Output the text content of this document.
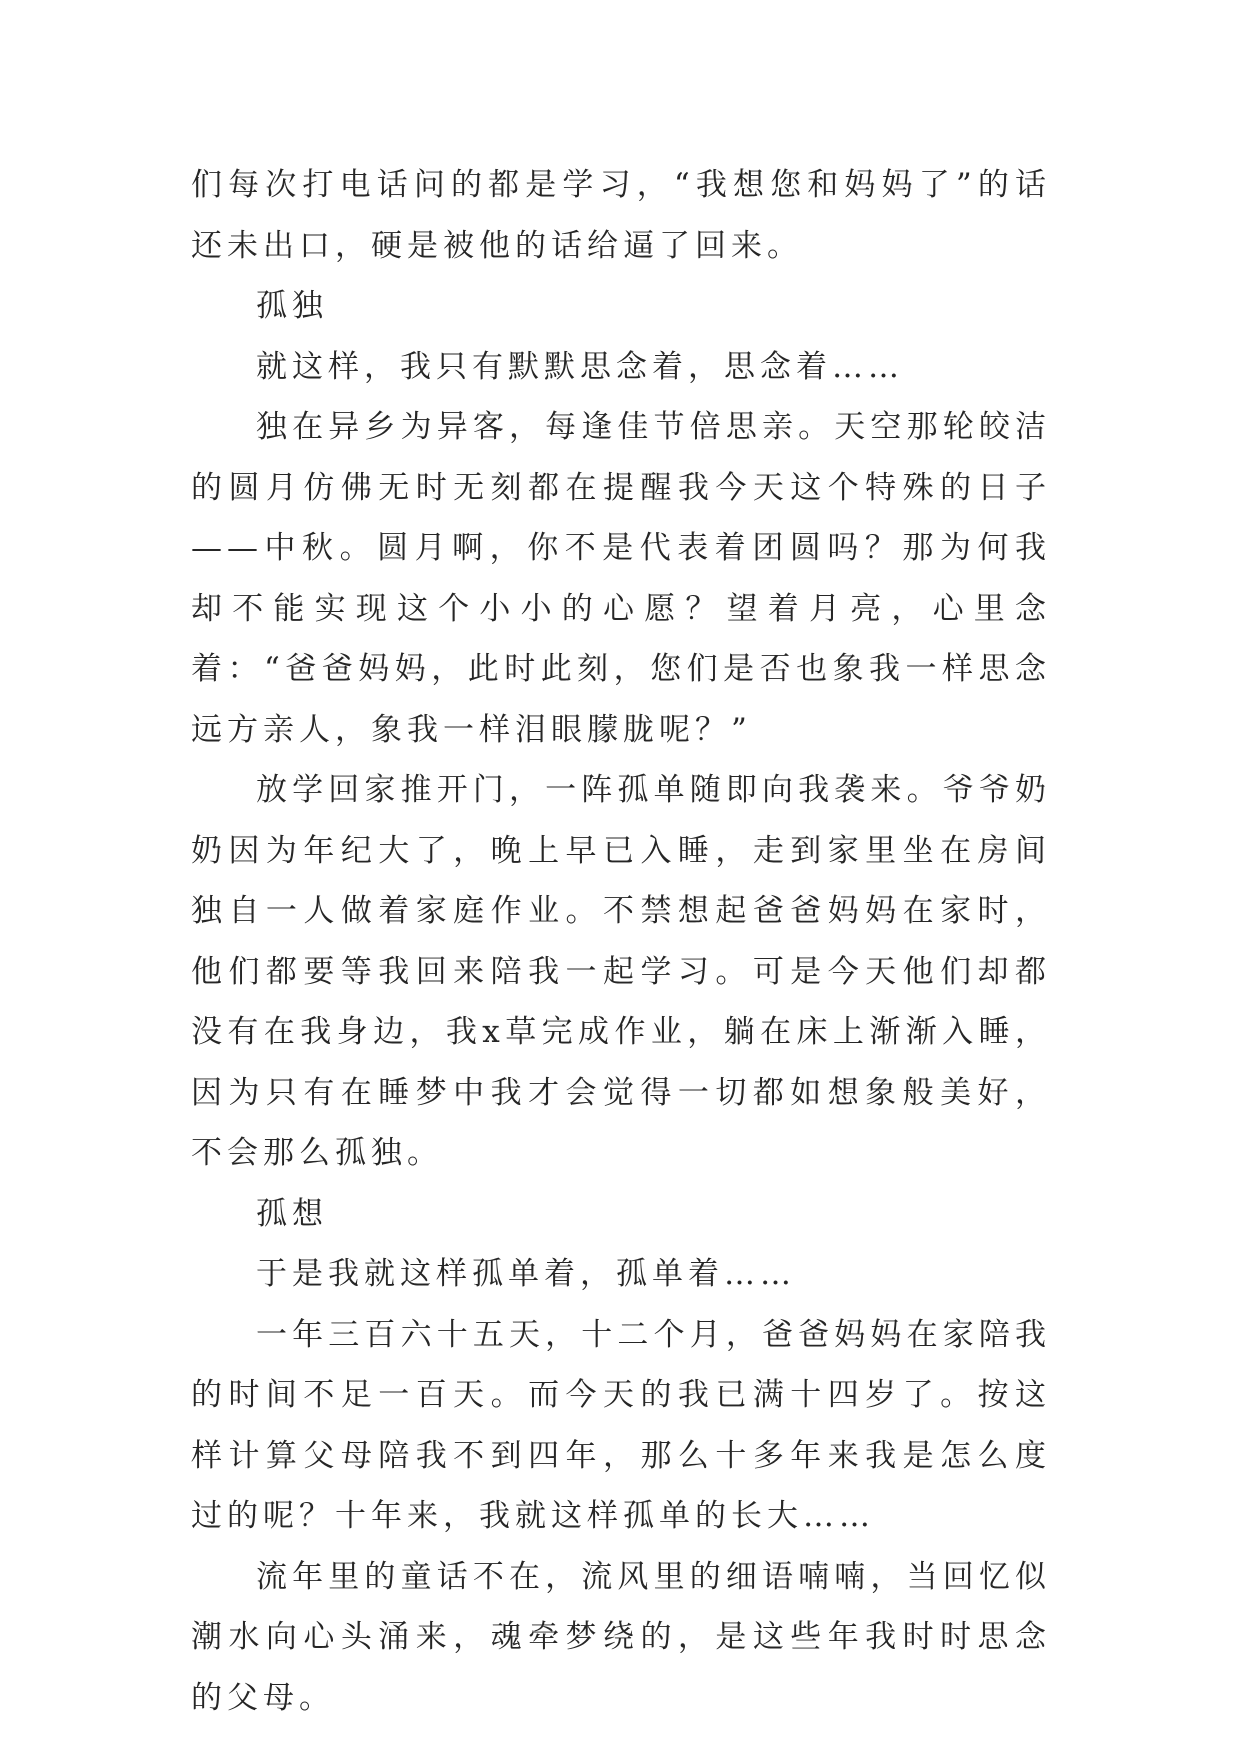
们每次打电话问的都是学习，“我想您和妈妈了”的话还未出口，硬是被他的话给逼了回来。

孤独

就这样，我只有默默思念着，思念着……

独在异乡为异客，每逢佳节倍思亲。天空那轮皎洁的圆月仿佛无时无刻都在提醒我今天这个特殊的日子——中秋。圆月啊，你不是代表着团圆吗？那为何我却不能实现这个小小的心愿？望着月亮，心里念着：“爸爸妈妈，此时此刻，您们是否也象我一样思念远方亲人，象我一样泪眼朦胧呢？”

放学回家推开门，一阵孤单随即向我袭来。爷爷奶奶因为年纪大了，晚上早已入睡，走到家里坐在房间独自一人做着家庭作业。不禁想起爸爸妈妈在家时，他们都要等我回来陪我一起学习。可是今天他们却都没有在我身边，我x草完成作业，躺在床上渐渐入睡，因为只有在睡梦中我才会觉得一切都如想象般美好，不会那么孤独。

孤想

于是我就这样孤单着，孤单着……

一年三百六十五天，十二个月，爸爸妈妈在家陪我的时间不足一百天。而今天的我已满十四岁了。按这样计算父母陪我不到四年，那么十多年来我是怎么度过的呢？十年来，我就这样孤单的长大……

流年里的童话不在，流风里的细语喃喃，当回忆似潮水向心头涌来，魂牵梦绕的，是这些年我时时思念的父母。
